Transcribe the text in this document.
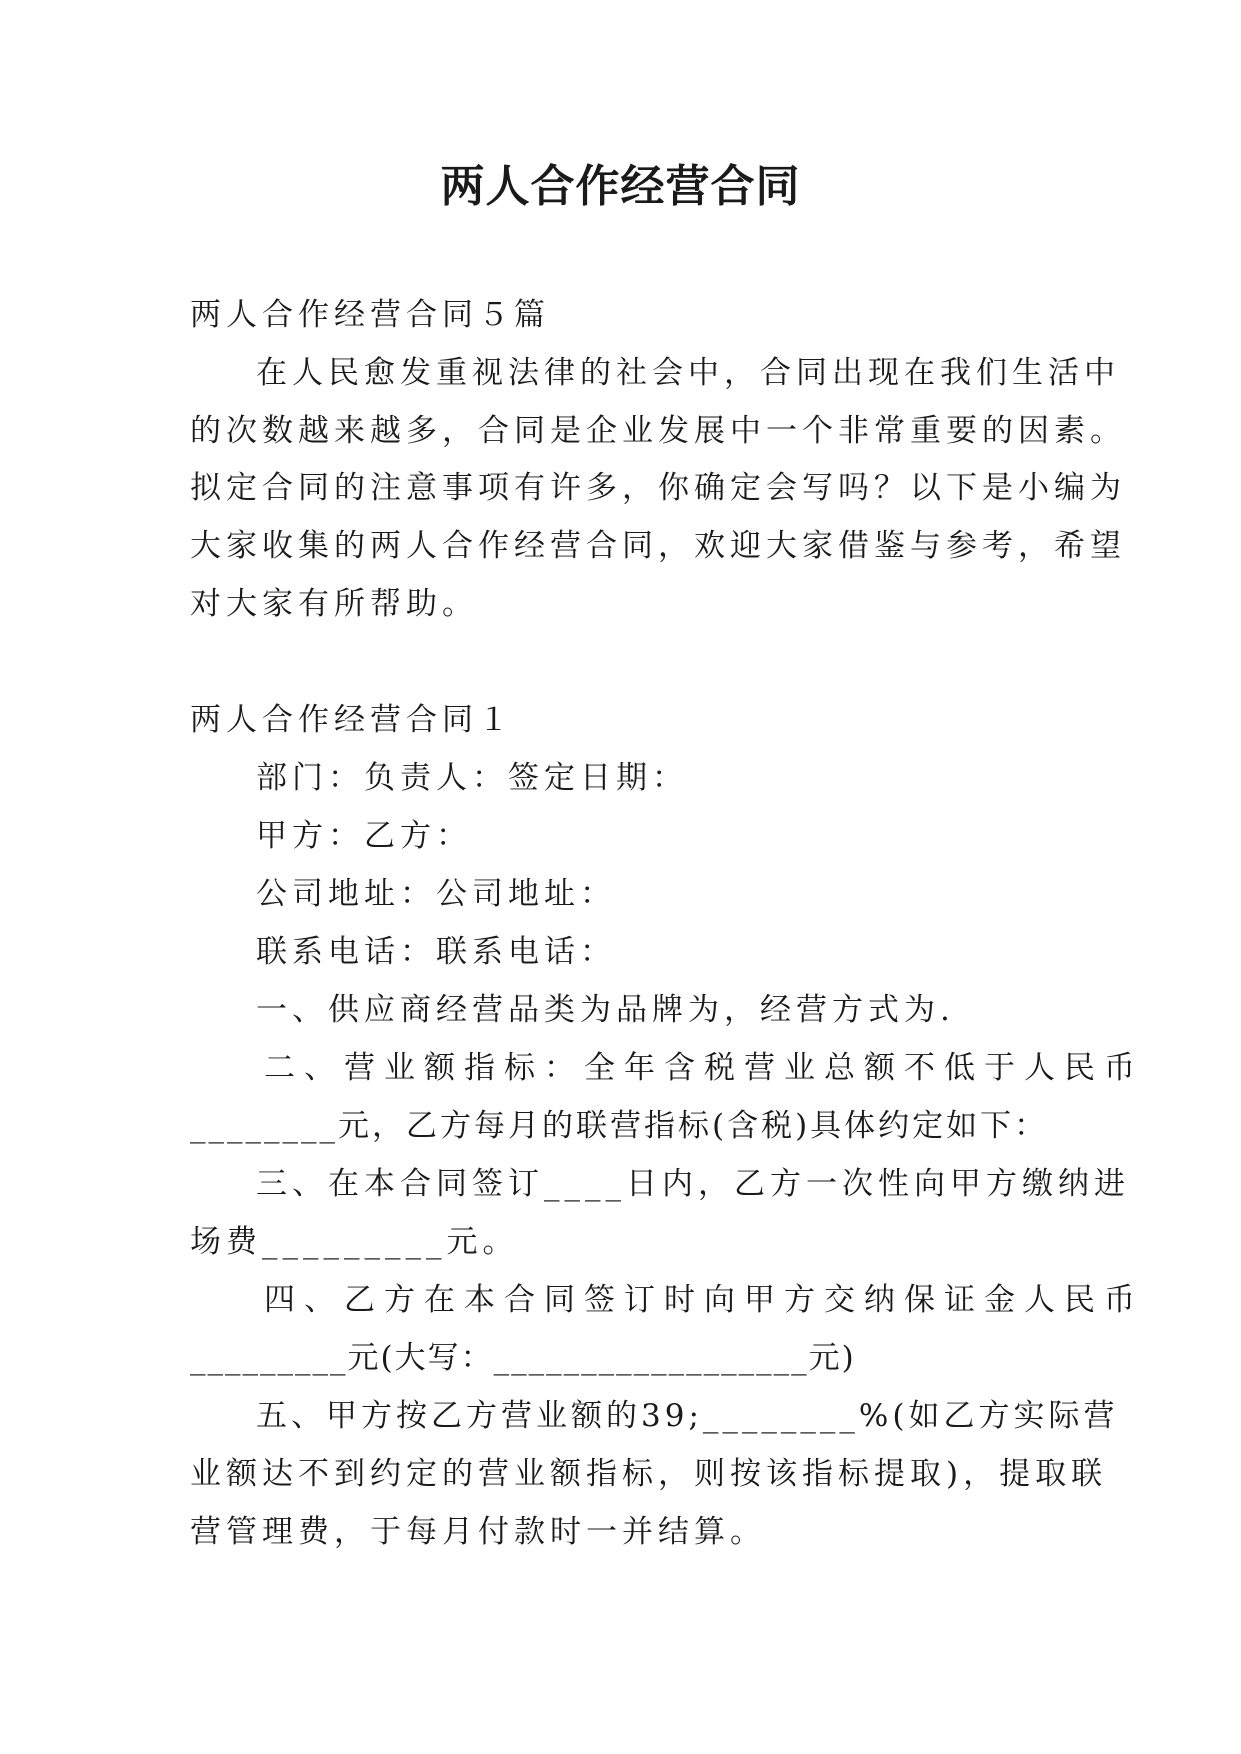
两人合作经营合同
两人合作经营合同５篇
在人民愈发重视法律的社会中，合同出现在我们生活中
的次数越来越多，合同是企业发展中一个非常重要的因素。
拟定合同的注意事项有许多，你确定会写吗？以下是小编为
大家收集的两人合作经营合同，欢迎大家借鉴与参考，希望
对大家有所帮助。
两人合作经营合同１
部门：负责人：签定日期：
甲方：乙方：
公司地址：公司地址：
联系电话：联系电话：
一、供应商经营品类为品牌为，经营方式为.
二、营业额指标：全年含税营业总额不低于人民币
________元，乙方每月的联营指标(含税)具体约定如下：
三、在本合同签订____日内，乙方一次性向甲方缴纳进
场费_________元。
四、乙方在本合同签订时向甲方交纳保证金人民币
_________元(大写：__________________元)
五、甲方按乙方营业额的39;________%(如乙方实际营
业额达不到约定的营业额指标，则按该指标提取)，提取联
营管理费，于每月付款时一并结算。
